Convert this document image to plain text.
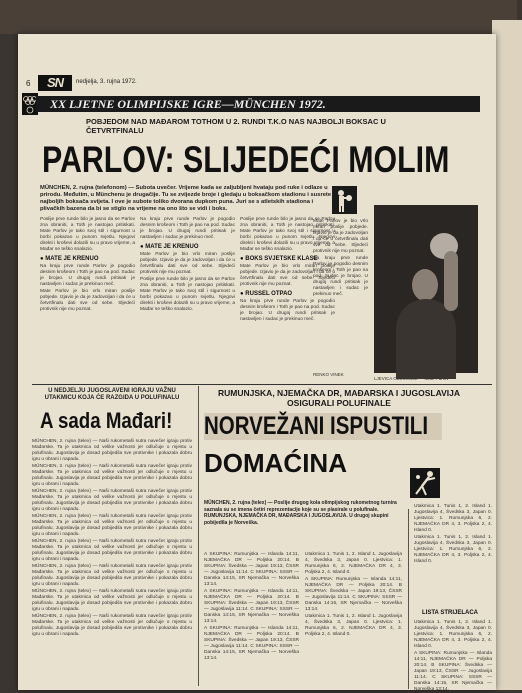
6	SN	nedjelja, 3. rujna 1972.
XX LJETNE OLIMPIJSKE IGRE—MÜNCHEN 1972.
POBJEDOM NAD MAĐAROM TOTHOM U 2. RUNDI T.K.O NAS NAJBOLJI BOKSAC U ČETVRTFINALU
PARLOV: SLIJEDEĆI MOLIM
MÜNCHEN, 2. rujna (telefonom) — Subota uvečer. Vrijeme kada se zaljubljeni hvataju pod ruke i odlaze u prirodu. Međutim, u Münchenu je drugačije. Tu se zvijezde broje i gledaju u boksačkom stadionu i susrete najboljih boksača svijeta. I ove je subote toliko dvorana dupkom puna. Juri se s atletskih stadiona i plivačkih bazena da bi se stiglo na vrijeme na ono što se vidi i boks.

Poslije prve runde bilo je jasno da se Parlov zna obraniti, a Toth je nastojao pritiskati. Mate Parlov je tako svoj stil i sigurnost u borbi pokazao u punom svjetlu. Njegovi direkti i kroševi dolazili su u pravo vrijeme, a Mađar se teško snalazio.

● MATE JE KRENUO

Na kraju prve runde Parlov je pogodio desnim krošeom i Toth je pao na pod. Sudac je brojao. U drugoj rundi pritisak je nastavljen i sudac je prekinuo meč.

Mate Parlov je bio vrlo miran poslije pobjede. Izjavio je da je zadovoljan i da će u četvrtfinalu dati sve od sebe. Sljedeći protivnik nije mu poznat.

Na kraju prve runde Parlov je pogodio desnim krošeom i Toth je pao na pod. Sudac je brojao. U drugoj rundi pritisak je nastavljen i sudac je prekinuo meč.

● MATE JE KRENUO

Mate Parlov je bio vrlo miran poslije pobjede. Izjavio je da je zadovoljan i da će u četvrtfinalu dati sve od sebe. Sljedeći protivnik nije mu poznat.

Poslije prve runde bilo je jasno da se Parlov zna obraniti, a Toth je nastojao pritiskati. Mate Parlov je tako svoj stil i sigurnost u borbi pokazao u punom svjetlu. Njegovi direkti i kroševi dolazili su u pravo vrijeme, a Mađar se teško snalazio.

Poslije prve runde bilo je jasno da se Parlov zna obraniti, a Toth je nastojao pritiskati. Mate Parlov je tako svoj stil i sigurnost u borbi pokazao u punom svjetlu. Njegovi direkti i kroševi dolazili su u pravo vrijeme, a Mađar se teško snalazio.

● BOKS SVJETSKE KLASE

Mate Parlov je bio vrlo miran poslije pobjede. Izjavio je da je zadovoljan i da će u četvrtfinalu dati sve od sebe. Sljedeći protivnik nije mu poznat.

● RUSSEL OTPAO

Na kraju prve runde Parlov je pogodio desnim krošeom i Toth je pao na pod. Sudac je brojao. U drugoj rundi pritisak je nastavljen i sudac je prekinuo meč.

Mate Parlov je bio vrlo miran poslije pobjede. Izjavio je da je zadovoljan i da će u četvrtfinalu dati sve od sebe. Sljedeći protivnik nije mu poznat.

Na kraju prve runde Parlov je pogodio desnim krošeom i Toth je pao na pod. Sudac je brojao. U drugoj rundi pritisak je nastavljen i sudac je prekinuo meč.

RENKO VINEK
LJEVICA ODLUČUJE — Mate Parlov
U NEDJELJU JUGOSLAVENI IGRAJU VAŽNU UTAKMICU KOJA ĆE RAZGIDA U POLUFINALU
A sada Mađari!

MÜNCHEN, 2. rujna (telex) — Naši rukometaši sutra navečer igraju protiv Mađarske. Ta je utakmica od velike važnosti jer odlučuje o mjestu u polufinalu. Jugoslavija je dosad pobijedila sve protivnike i pokazala dobru igru u obrani i napadu.

MÜNCHEN, 2. rujna (telex) — Naši rukometaši sutra navečer igraju protiv Mađarske. Ta je utakmica od velike važnosti jer odlučuje o mjestu u polufinalu. Jugoslavija je dosad pobijedila sve protivnike i pokazala dobru igru u obrani i napadu.

MÜNCHEN, 2. rujna (telex) — Naši rukometaši sutra navečer igraju protiv Mađarske. Ta je utakmica od velike važnosti jer odlučuje o mjestu u polufinalu. Jugoslavija je dosad pobijedila sve protivnike i pokazala dobru igru u obrani i napadu.

MÜNCHEN, 2. rujna (telex) — Naši rukometaši sutra navečer igraju protiv Mađarske. Ta je utakmica od velike važnosti jer odlučuje o mjestu u polufinalu. Jugoslavija je dosad pobijedila sve protivnike i pokazala dobru igru u obrani i napadu.

MÜNCHEN, 2. rujna (telex) — Naši rukometaši sutra navečer igraju protiv Mađarske. Ta je utakmica od velike važnosti jer odlučuje o mjestu u polufinalu. Jugoslavija je dosad pobijedila sve protivnike i pokazala dobru igru u obrani i napadu.

MÜNCHEN, 2. rujna (telex) — Naši rukometaši sutra navečer igraju protiv Mađarske. Ta je utakmica od velike važnosti jer odlučuje o mjestu u polufinalu. Jugoslavija je dosad pobijedila sve protivnike i pokazala dobru igru u obrani i napadu.

MÜNCHEN, 2. rujna (telex) — Naši rukometaši sutra navečer igraju protiv Mađarske. Ta je utakmica od velike važnosti jer odlučuje o mjestu u polufinalu. Jugoslavija je dosad pobijedila sve protivnike i pokazala dobru igru u obrani i napadu.

MÜNCHEN, 2. rujna (telex) — Naši rukometaši sutra navečer igraju protiv Mađarske. Ta je utakmica od velike važnosti jer odlučuje o mjestu u polufinalu. Jugoslavija je dosad pobijedila sve protivnike i pokazala dobru igru u obrani i napadu.

RUMUNJSKA, NJEMAČKA DR, MAĐARSKA I JUGOSLAVIJA OSIGURALI POLUFINALE
NORVEŽANI ISPUSTILI
DOMAĆINA
MÜNCHEN, 2. rujna (telex) — Poslije drugog kola olimpijskog rukometnog turnira saznala su se imena četiri reprezentacije koje su se plasirale u polufinale. RUMUNJSKA, NJEMAČKA DR, MAĐARSKA I JUGOSLAVIJA. U drugoj skupini pobijedila je Norveška.

A SKUPINA: Rumunjska — Islanda 14:11, NJEMAČKA DR — Poljska 20:14. B SKUPINA: Švedska — Japan 19:13, ČSSR — Jugoslavija 11:14. C SKUPINA: SSSR — Danska 14:15, SR Njemačka — Norveška 13:14.

A SKUPINA: Rumunjska — Islanda 14:11, NJEMAČKA DR — Poljska 20:14. B SKUPINA: Švedska — Japan 19:13, ČSSR — Jugoslavija 11:14. C SKUPINA: SSSR — Danska 14:15, SR Njemačka — Norveška 13:14.

A SKUPINA: Rumunjska — Islanda 14:11, NJEMAČKA DR — Poljska 20:14. B SKUPINA: Švedska — Japan 19:13, ČSSR — Jugoslavija 11:14. C SKUPINA: SSSR — Danska 14:15, SR Njemačka — Norveška 13:14.

Utakmica 1. Tunis 1, 2. Island 1. Jugoslavija 4, Švedska 3, Japan 0. Ljestvica: 1. Rumunjska 6, 2. NJEMAČKA DR 4, 3. Poljska 2, 4. Island 0.

A SKUPINA: Rumunjska — Islanda 14:11, NJEMAČKA DR — Poljska 20:14. B SKUPINA: Švedska — Japan 19:13, ČSSR — Jugoslavija 11:14. C SKUPINA: SSSR — Danska 14:15, SR Njemačka — Norveška 13:14.

Utakmica 1. Tunis 1, 2. Island 1. Jugoslavija 4, Švedska 3, Japan 0. Ljestvica: 1. Rumunjska 6, 2. NJEMAČKA DR 4, 3. Poljska 2, 4. Island 0.

Utakmica 1. Tunis 1, 2. Island 1. Jugoslavija 4, Švedska 3, Japan 0. Ljestvica: 1. Rumunjska 6, 2. NJEMAČKA DR 4, 3. Poljska 2, 4. Island 0.

Utakmica 1. Tunis 1, 2. Island 1. Jugoslavija 4, Švedska 3, Japan 0. Ljestvica: 1. Rumunjska 6, 2. NJEMAČKA DR 4, 3. Poljska 2, 4. Island 0.

LISTA STRIJELACA

Utakmica 1. Tunis 1, 2. Island 1. Jugoslavija 4, Švedska 3, Japan 0. Ljestvica: 1. Rumunjska 6, 2. NJEMAČKA DR 4, 3. Poljska 2, 4. Island 0.

A SKUPINA: Rumunjska — Islanda 14:11, NJEMAČKA DR — Poljska 20:14. B SKUPINA: Švedska — Japan 19:13, ČSSR — Jugoslavija 11:14. C SKUPINA: SSSR — Danska 14:15, SR Njemačka — Norveška 13:14.
